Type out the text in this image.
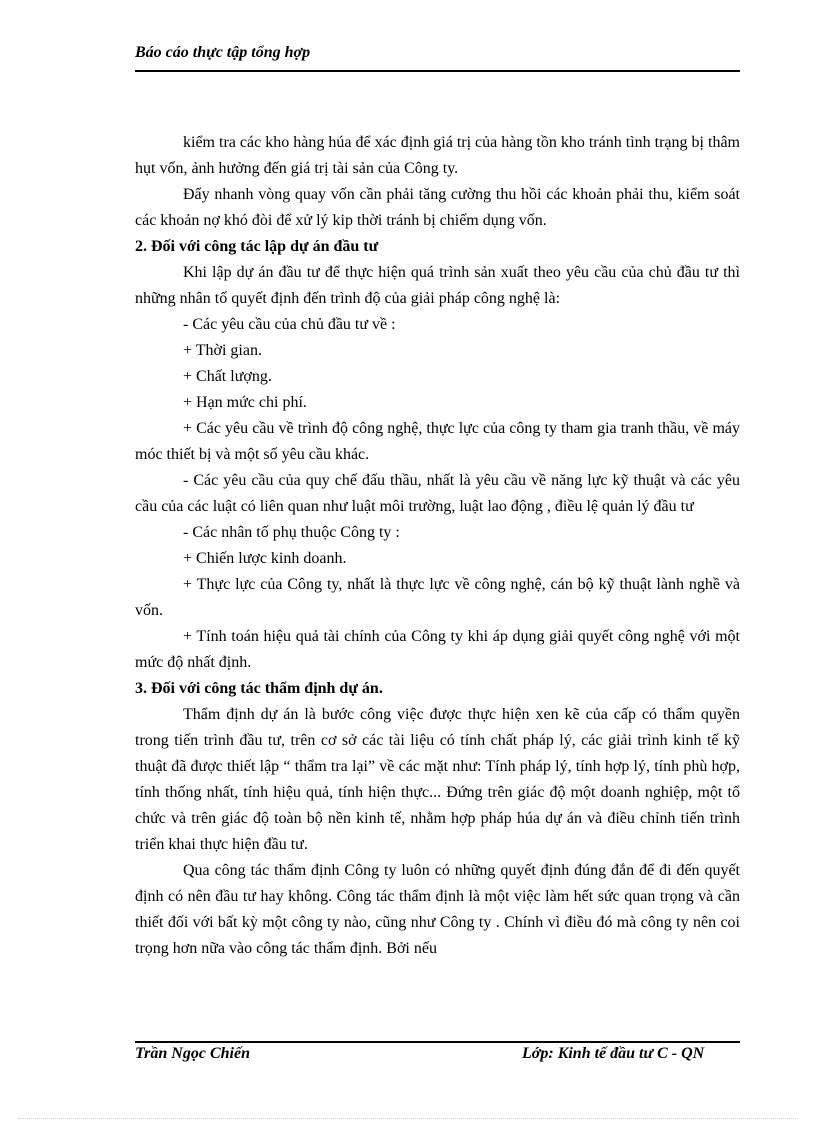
Báo cáo thực tập tổng hợp

kiểm tra các kho hàng húa để xác định giá trị của hàng tồn kho tránh tình trạng bị thâm hụt vốn, ảnh hưởng đến giá trị tài sản của Công ty.

Đẩy nhanh vòng quay vốn cần phải tăng cường thu hồi các khoản phải thu, kiểm soát các khoản nợ khó đòi để xử lý kip thời tránh bị chiếm dụng vốn.

2. Đối với công tác lập dự án đầu tư

Khi lập dự án đầu tư để thực hiện quá trình sản xuất theo yêu cầu của chủ đầu tư thì những nhân tố quyết định đến trình độ của giải pháp công nghệ là:

- Các yêu cầu của chủ đầu tư về :

+ Thời gian.

+ Chất lượng.

+ Hạn mức chi phí.

+ Các yêu cầu về trình độ công nghệ, thực lực của công ty tham gia tranh thầu, về máy móc thiết bị và một số yêu cầu khác.

- Các yêu cầu của quy chế đấu thầu, nhất là yêu cầu về năng lực kỹ thuật và các yêu cầu của các luật có liên quan như luật môi trường, luật lao động , điều lệ quản lý đầu tư

- Các nhân tố phụ thuộc Công ty :

+ Chiến lược kinh doanh.

+ Thực lực của Công ty, nhất là thực lực về công nghệ, cán bộ kỹ thuật lành nghề và vốn.

+ Tính toán hiệu quả tài chính của Công ty khi áp dụng giải quyết công nghệ với một mức độ nhất định.

3. Đối với công tác thẩm định dự án.

Thẩm định dự án là bước công việc được thực hiện xen kẽ của cấp có thẩm quyền trong tiến trình đầu tư, trên cơ sở các tài liệu có tính chất pháp lý, các giải trình kinh tế kỹ thuật đã được thiết lập “ thẩm tra lại” về các mặt như: Tính pháp lý, tính hợp lý, tính phù hợp, tính thống nhất, tính hiệu quả, tính hiện thực... Đứng trên giác độ một doanh nghiệp, một tổ chức và trên giác độ toàn bộ nền kinh tế, nhằm hợp pháp húa dự án và điều chỉnh tiến trình triển khai thực hiện đầu tư.

Qua công tác thẩm định Công ty luôn có những quyết định đúng đắn để đi đến quyết định có nên đầu tư hay không. Công tác thẩm định là một việc làm hết sức quan trọng và cần thiết đối với bất kỳ một công ty nào, cũng như Công ty . Chính vì điều đó mà công ty nên coi trọng hơn nữa vào công tác thẩm định. Bởi nếu

Trần Ngọc Chiến	Lớp: Kinh tế đầu tư C - QN
